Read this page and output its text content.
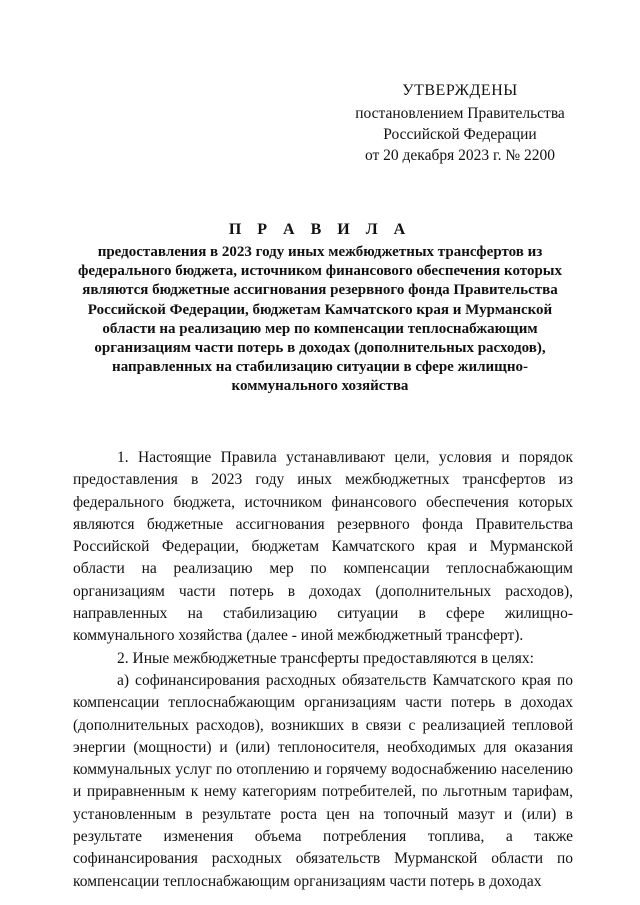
УТВЕРЖДЕНЫ
постановлением Правительства
Российской Федерации
от 20 декабря 2023 г. № 2200
П Р А В И Л А
предоставления в 2023 году иных межбюджетных трансфертов из федерального бюджета, источником финансового обеспечения которых являются бюджетные ассигнования резервного фонда Правительства Российской Федерации, бюджетам Камчатского края и Мурманской области на реализацию мер по компенсации теплоснабжающим организациям части потерь в доходах (дополнительных расходов), направленных на стабилизацию ситуации в сфере жилищно-коммунального хозяйства

1. Настоящие Правила устанавливают цели, условия и порядок предоставления в 2023 году иных межбюджетных трансфертов из федерального бюджета, источником финансового обеспечения которых являются бюджетные ассигнования резервного фонда Правительства Российской Федерации, бюджетам Камчатского края и Мурманской области на реализацию мер по компенсации теплоснабжающим организациям части потерь в доходах (дополнительных расходов), направленных на стабилизацию ситуации в сфере жилищно-коммунального хозяйства (далее - иной межбюджетный трансферт).

2. Иные межбюджетные трансферты предоставляются в целях:

а) софинансирования расходных обязательств Камчатского края по компенсации теплоснабжающим организациям части потерь в доходах (дополнительных расходов), возникших в связи с реализацией тепловой энергии (мощности) и (или) теплоносителя, необходимых для оказания коммунальных услуг по отоплению и горячему водоснабжению населению и приравненным к нему категориям потребителей, по льготным тарифам, установленным в результате роста цен на топочный мазут и (или) в результате изменения объема потребления топлива, а также софинансирования расходных обязательств Мурманской области по компенсации теплоснабжающим организациям части потерь в доходах
